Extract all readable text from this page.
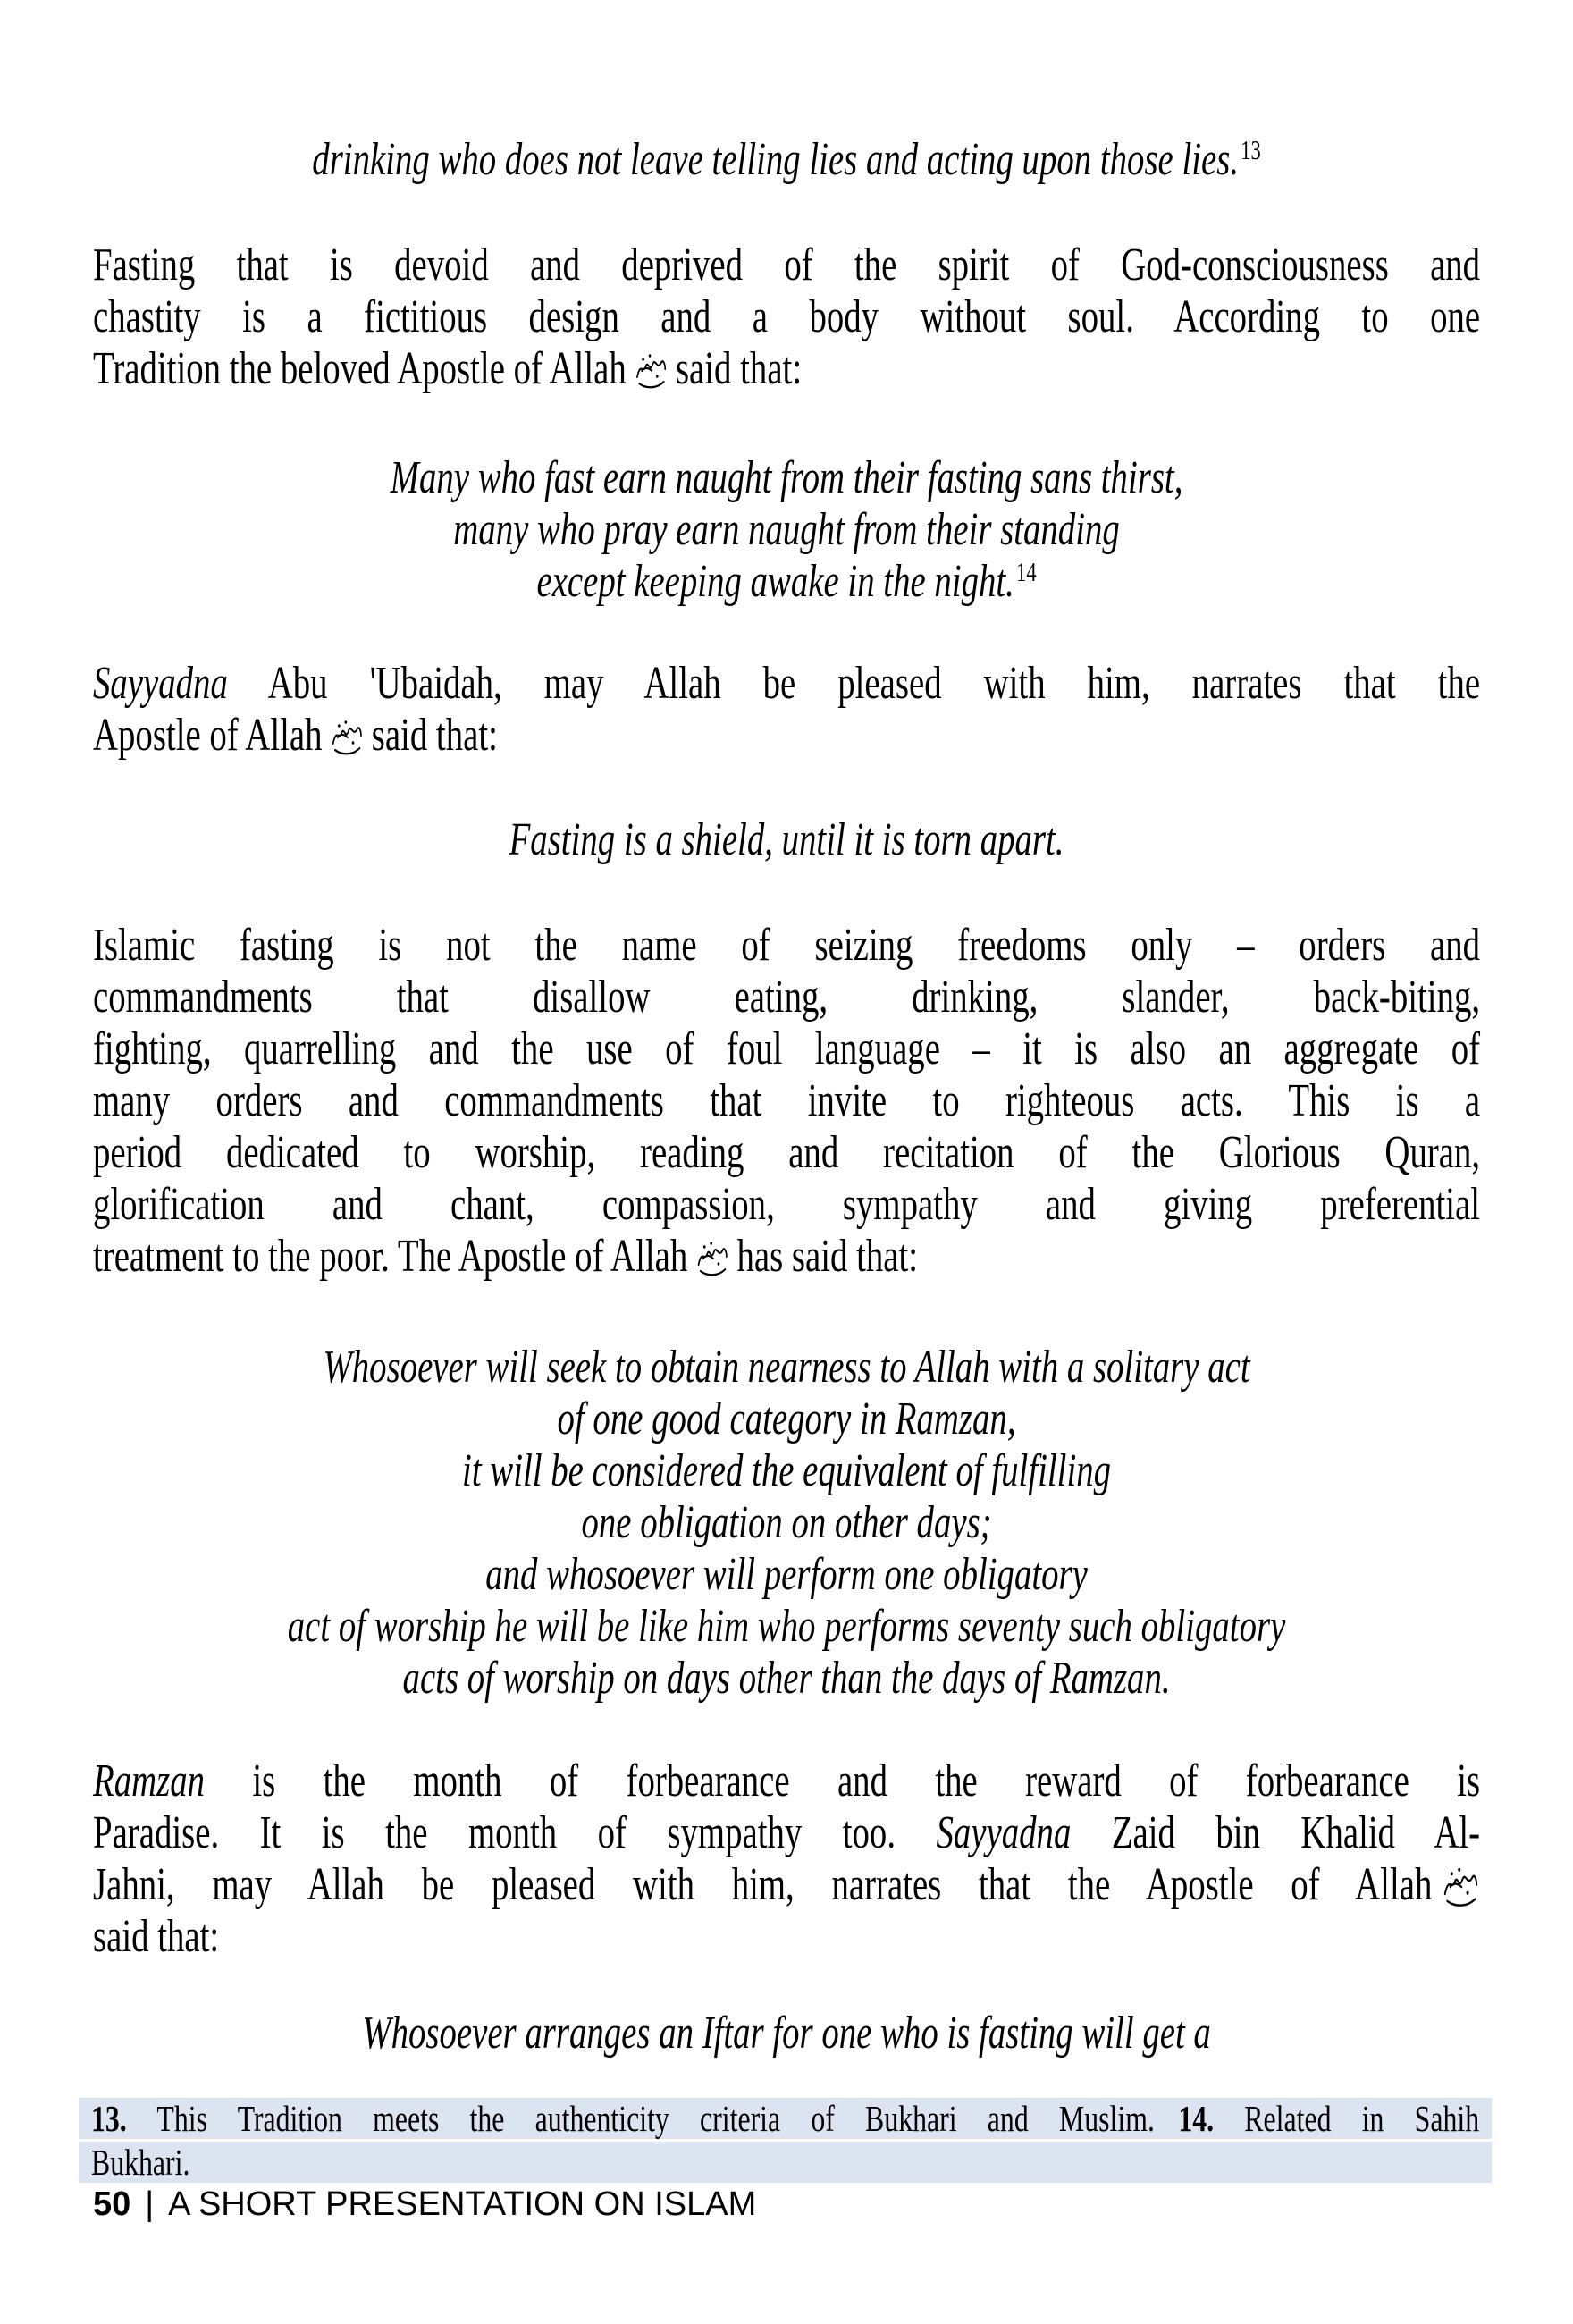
drinking who does not leave telling lies and acting upon those lies.$^{13}$
Fasting that is devoid and deprived of the spirit of God-consciousness and
chastity is a fictitious design and a body without soul. According to one
Tradition the beloved Apostle of Allah said that:
Many who fast earn naught from their fasting sans thirst,
many who pray earn naught from their standing
except keeping awake in the night.$^{14}$
Sayyadna Abu 'Ubaidah, may Allah be pleased with him, narrates that the
Apostle of Allah said that:
Fasting is a shield, until it is torn apart.
Islamic fasting is not the name of seizing freedoms only – orders and
commandments that disallow eating, drinking, slander, back-biting,
fighting, quarrelling and the use of foul language – it is also an aggregate of
many orders and commandments that invite to righteous acts. This is a
period dedicated to worship, reading and recitation of the Glorious Quran,
glorification and chant, compassion, sympathy and giving preferential
treatment to the poor. The Apostle of Allah has said that:
Whosoever will seek to obtain nearness to Allah with a solitary act
of one good category in Ramzan,
it will be considered the equivalent of fulfilling
one obligation on other days;
and whosoever will perform one obligatory
act of worship he will be like him who performs seventy such obligatory
acts of worship on days other than the days of Ramzan.
Ramzan is the month of forbearance and the reward of forbearance is
Paradise. It is the month of sympathy too. Sayyadna Zaid bin Khalid Al-
Jahni, may Allah be pleased with him, narrates that the Apostle of Allah
said that:
Whosoever arranges an Iftar for one who is fasting will get a
13. This Tradition meets the authenticity criteria of Bukhari and Muslim. 14. Related in Sahih
Bukhari.
50 | A SHORT PRESENTATION ON ISLAM
